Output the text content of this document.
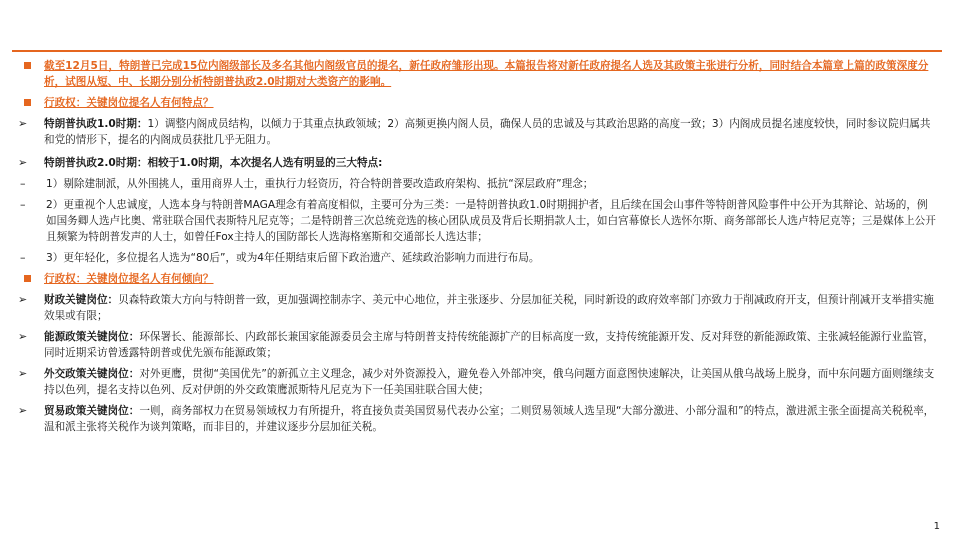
截至12月5日，特朗普已完成15位内阁级部长及多名其他内阁级官员的提名，新任政府雏形出现。本篇报告将对新任政府提名人选及其政策主张进行分析，同时结合本篇章上篇的政策深度分析，试图从短、中、长期分别分析特朗普执政2.0时期对大类资产的影响。
行政权：关键岗位提名人有何特点？
➢	特朗普执政1.0时期：1）调整内阁成员结构，以倾力于其重点执政领域；2）高频更换内阁人员，确保人员的忠诚及与其政治思路的高度一致；3）内阁成员提名速度较快，同时参议院归属共和党的情形下，提名的内阁成员获批几乎无阻力。
➢	特朗普执政2.0时期：相较于1.0时期，本次提名人选有明显的三大特点:
–	1）剔除建制派，从外围挑人，重用商界人士，重执行力轻资历，符合特朗普要改造政府架构、抵抗“深层政府”理念；
–	2）更重视个人忠诚度，人选本身与特朗普MAGA理念有着高度相似，主要可分为三类：一是特朗普执政1.0时期拥护者，且后续在国会山事件等特朗普风险事件中公开为其辩论、站场的，例如国务卿人选卢比奥、常驻联合国代表斯特凡尼克等；二是特朗普三次总统竞选的核心团队成员及背后长期捐款人士，如白宫幕僚长人选怀尔斯、商务部部长人选卢特尼克等；三是媒体上公开且频繁为特朗普发声的人士，如曾任Fox主持人的国防部长人选海格塞斯和交通部长人选达菲；
–	3）更年轻化，多位提名人选为“80后”，或为4年任期结束后留下政治遗产、延续政治影响力而进行布局。
行政权：关键岗位提名人有何倾向？
➢	财政关键岗位：贝森特政策大方向与特朗普一致，更加强调控制赤字、美元中心地位，并主张逐步、分层加征关税，同时新设的政府效率部门亦致力于削减政府开支，但预计削减开支举措实施效果或有限；
➢	能源政策关键岗位：环保署长、能源部长、内政部长兼国家能源委员会主席与特朗普支持传统能源扩产的目标高度一致，支持传统能源开发、反对拜登的新能源政策、主张减轻能源行业监管，同时近期采访曾透露特朗普或优先颁布能源政策；
➢	外交政策关键岗位：对外更鹰，贯彻“美国优先”的新孤立主义理念，减少对外资源投入，避免卷入外部冲突，俄乌问题方面意图快速解决，让美国从俄乌战场上脱身，而中东问题方面则继续支持以色列，提名支持以色列、反对伊朗的外交政策鹰派斯特凡尼克为下一任美国驻联合国大使；
➢	贸易政策关键岗位：一则，商务部权力在贸易领域权力有所提升，将直接负责美国贸易代表办公室；二则贸易领域人选呈现“大部分激进、小部分温和”的特点，激进派主张全面提高关税税率，温和派主张将关税作为谈判策略，而非目的，并建议逐步分层加征关税。
1
